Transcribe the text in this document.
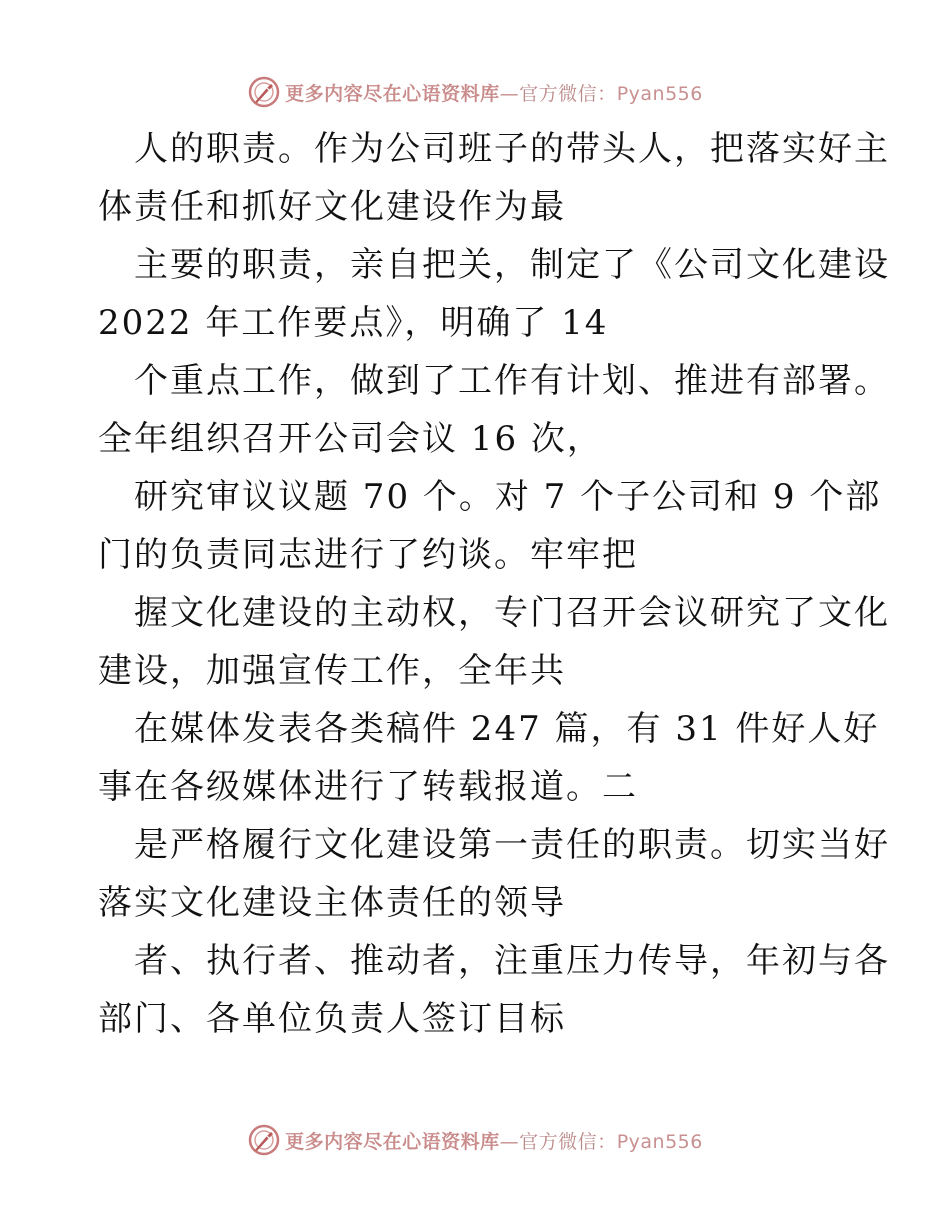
更多内容尽在心语资料库—官方微信：Pyan556
人的职责。作为公司班子的带头人，把落实好主
体责任和抓好文化建设作为最
主要的职责，亲自把关，制定了《公司文化建设
2022 年工作要点》，明确了 14
个重点工作，做到了工作有计划、推进有部署。
全年组织召开公司会议 16 次，
研究审议议题 70 个。对 7 个子公司和 9 个部
门的负责同志进行了约谈。牢牢把
握文化建设的主动权，专门召开会议研究了文化
建设，加强宣传工作，全年共
在媒体发表各类稿件 247 篇，有 31 件好人好
事在各级媒体进行了转载报道。二
是严格履行文化建设第一责任的职责。切实当好
落实文化建设主体责任的领导
者、执行者、推动者，注重压力传导，年初与各
部门、各单位负责人签订目标
更多内容尽在心语资料库—官方微信：Pyan556
